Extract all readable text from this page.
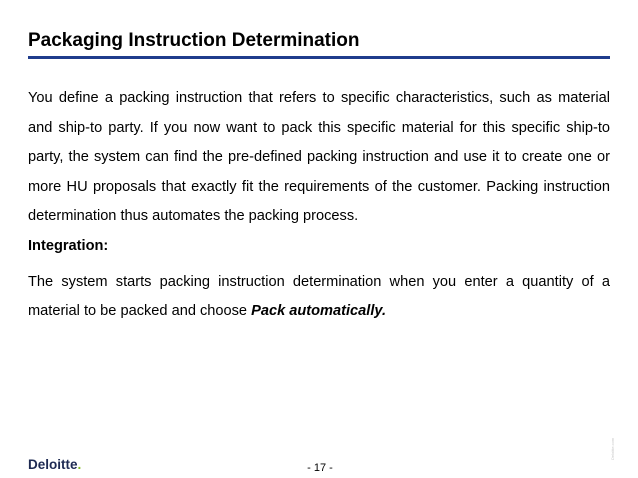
Packaging Instruction Determination

You define a packing instruction that refers to specific characteristics, such as material and ship-to party. If you now want to pack this specific material for this specific ship-to party, the system can find the pre-defined packing instruction and use it to create one or more HU proposals that exactly fit the requirements of the customer. Packing instruction determination thus automates the packing process.

Integration:

The system starts packing instruction determination when you enter a quantity of a material to be packed and choose Pack automatically.

Deloitte.	- 17 -
Deloitte.com
